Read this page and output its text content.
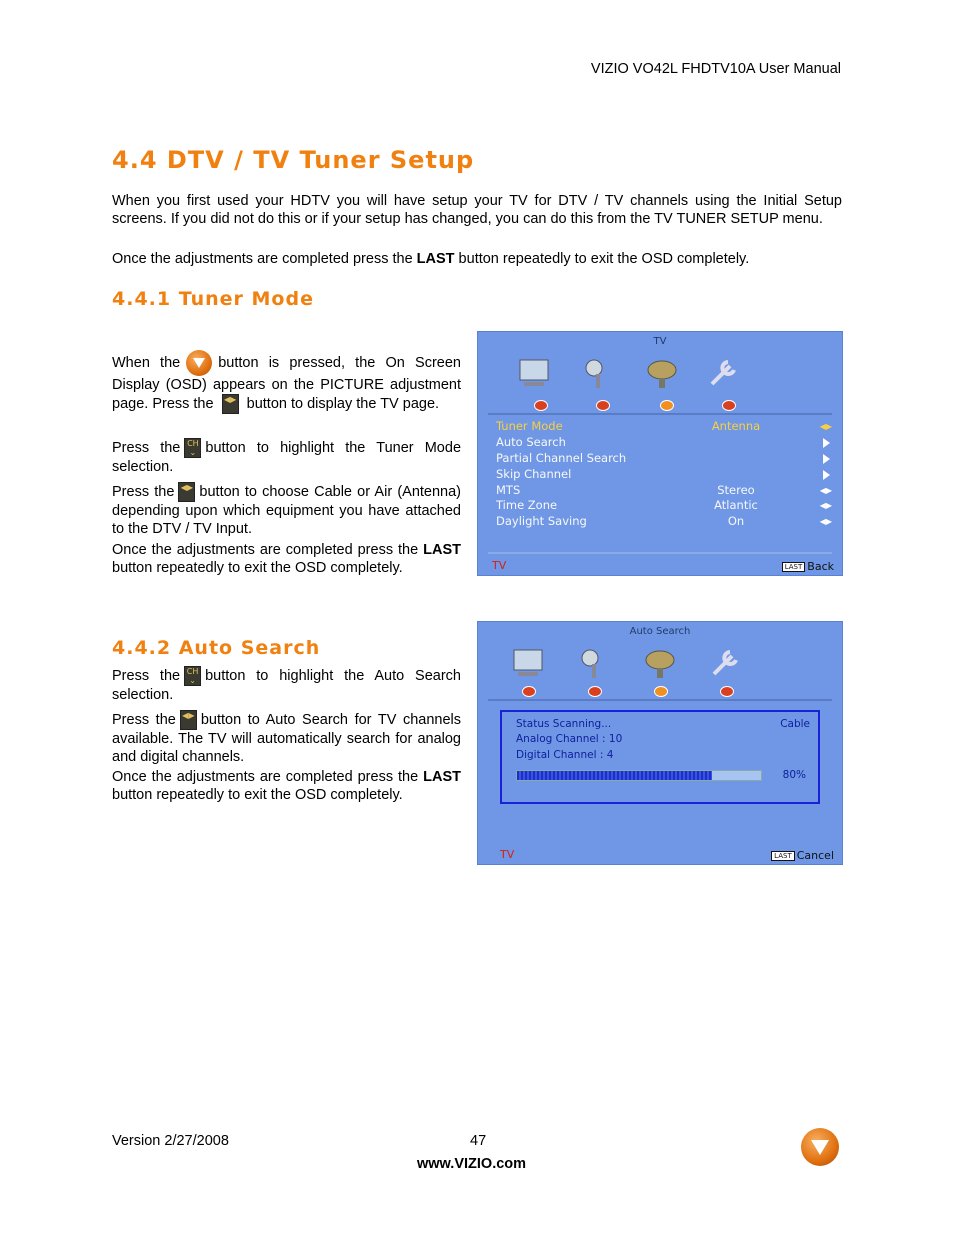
VIZIO VO42L FHDTV10A User Manual
4.4 DTV / TV Tuner Setup
When you first used your HDTV you will have setup your TV for DTV / TV channels using the Initial Setup screens. If you did not do this or if your setup has changed, you can do this from the TV TUNER SETUP menu.
Once the adjustments are completed press the LAST button repeatedly to exit the OSD completely.
4.4.1 Tuner Mode
When the	button is pressed, the On Screen Display (OSD) appears on the PICTURE adjustment page. Press the ◀▶ button to display the TV page.
Press the CH
⌄ button to highlight the Tuner Mode selection.
Press the ◀▶ button to choose Cable or Air (Antenna) depending upon which equipment you have attached to the DTV / TV Input.
Once the adjustments are completed press the LAST button repeatedly to exit the OSD completely.
TV
Tuner Mode	Antenna	◀▶
Auto Search
Partial Channel Search
Skip Channel
MTS	Stereo	◀▶
Time Zone	Atlantic	◀▶
Daylight Saving	On	◀▶
TV	LAST Back
4.4.2 Auto Search
Press the CH
⌄ button to highlight the Auto Search selection.
Press the ◀▶ button to Auto Search for TV channels available. The TV will automatically search for analog and digital channels.
Once the adjustments are completed press the LAST button repeatedly to exit the OSD completely.
Auto Search
Status Scanning...	Cable
Analog Channel : 10
Digital Channel : 4
80%
TV	LAST Cancel
Version 2/27/2008	47
www.VIZIO.com
